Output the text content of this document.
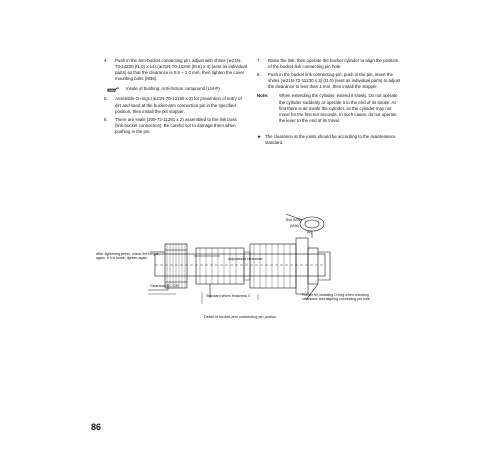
4. Push in the arm-bucket connecting pin, adjust with shims (※21N-70-14230 (t1.0) x 14) (※21N-70-14240 (t0.5) x 4) (sent as individual parts) so that the clearance is 0.5 – 1.0 mm, then tighten the cover mounting bolts (M36).
Inside of bushing: Anti-friction compound (LM-P)
5. Assemble O-rings (※21N-70-13150 x 2) for prevention of entry of dirt and sand at the bucket-arm connection pin in the specified position, then install the pin stopper.
6. There are seals (209-72-11281 x 2) assembled to the link boss (link-bucket connection). Be careful not to damage them when pushing in the pin.
7. Raise the link, then operate the bucket cylinder to align the position of the bucket-link connecting pin hole.
8. Push in the bucket link connecting pin, push in the pin, insert the shims (※21N-72-11230 x 3) (t1.0) (sent as individual parts) to adjust the clearance to less than 1 mm, then install the stopper.
Note: When extending the cylinder, extend it slowly. Do not operate the cylinder suddenly or operate it to the end of its stroke. At first there is air inside the cylinder, so the cylinder may not move for the first ten seconds. In such cases, do not operate the lever to the end of its travel.
★ The clearance at the joints should be according to the maintenance standard.
After tightening press, check the torque again. If it is loose, tighten again	Adjustment clearance
Clearance 0 – 0.5
Standard shims thickness 0	Pocket for installing O-ring when checking clearance and aligning connecting pin hole
Bolt (M36)
(M36)
(M)
Detail of bucket-arm connecting pin portion
86
